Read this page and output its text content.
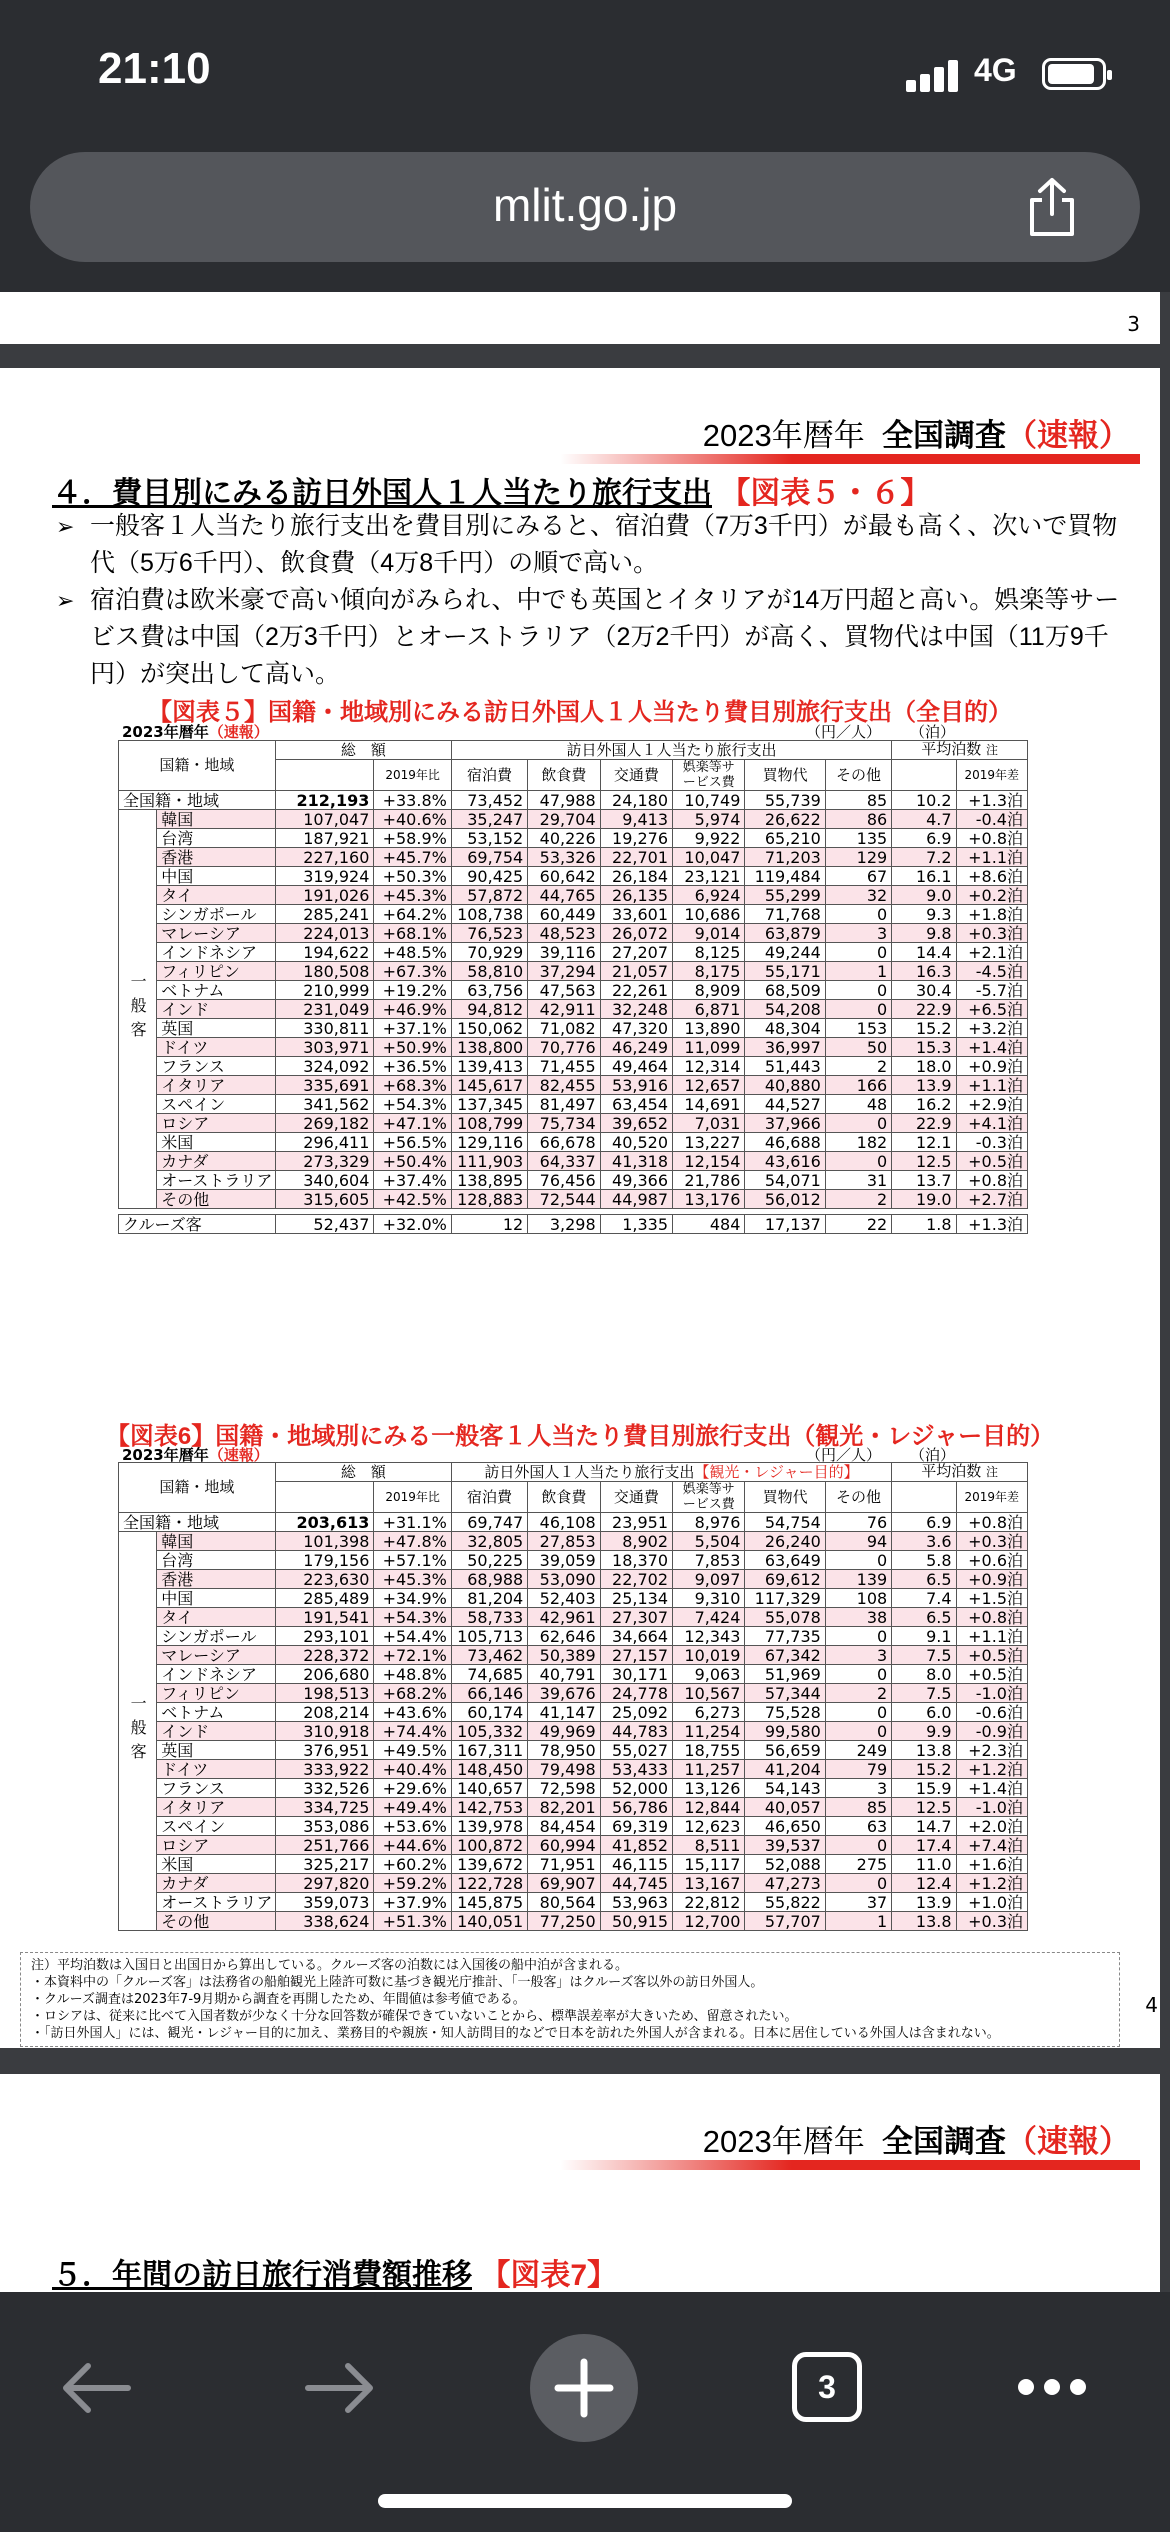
21:10	4G
mlit.go.jp
3
2023年暦年 全国調査（速報）
４．費目別にみる訪日外国人１人当たり旅行支出 【図表５・６】
➢ 一般客１人当たり旅行支出を費目別にみると、宿泊費（7万3千円）が最も高く、次いで買物代（5万6千円）、飲食費（4万8千円）の順で高い。
➢ 宿泊費は欧米豪で高い傾向がみられ、中でも英国とイタリアが14万円超と高い。娯楽等サービス費は中国（2万3千円）とオーストラリア（2万2千円）が高く、買物代は中国（11万9千円）が突出して高い。
【図表５】国籍・地域別にみる訪日外国人１人当たり費目別旅行支出（全目的）
2023年暦年（速報）	（円／人） （泊）
国籍・地域		総　額		訪日外国人１人当たり旅行支出						平均泊数 注	
				宿泊費	飲食費	交通費	娯楽等サービス費	買物代	その他		
			2019年比								2019年差
全国籍・地域		212,193	+33.8%	73,452	47,988	24,180	10,749	55,739	85	10.2	+1.3泊
一般客	韓国	107,047	+40.6%	35,247	29,704	9,413	5,974	26,622	86	4.7	-0.4泊
	台湾	187,921	+58.9%	53,152	40,226	19,276	9,922	65,210	135	6.9	+0.8泊
	香港	227,160	+45.7%	69,754	53,326	22,701	10,047	71,203	129	7.2	+1.1泊
	中国	319,924	+50.3%	90,425	60,642	26,184	23,121	119,484	67	16.1	+8.6泊
	タイ	191,026	+45.3%	57,872	44,765	26,135	6,924	55,299	32	9.0	+0.2泊
	シンガポール	285,241	+64.2%	108,738	60,449	33,601	10,686	71,768	0	9.3	+1.8泊
	マレーシア	224,013	+68.1%	76,523	48,523	26,072	9,014	63,879	3	9.8	+0.3泊
	インドネシア	194,622	+48.5%	70,929	39,116	27,207	8,125	49,244	0	14.4	+2.1泊
	フィリピン	180,508	+67.3%	58,810	37,294	21,057	8,175	55,171	1	16.3	-4.5泊
	ベトナム	210,999	+19.2%	63,756	47,563	22,261	8,909	68,509	0	30.4	-5.7泊
	インド	231,049	+46.9%	94,812	42,911	32,248	6,871	54,208	0	22.9	+6.5泊
	英国	330,811	+37.1%	150,062	71,082	47,320	13,890	48,304	153	15.2	+3.2泊
	ドイツ	303,971	+50.9%	138,800	70,776	46,249	11,099	36,997	50	15.3	+1.4泊
	フランス	324,092	+36.5%	139,413	71,455	49,464	12,314	51,443	2	18.0	+0.9泊
	イタリア	335,691	+68.3%	145,617	82,455	53,916	12,657	40,880	166	13.9	+1.1泊
	スペイン	341,562	+54.3%	137,345	81,497	63,454	14,691	44,527	48	16.2	+2.9泊
	ロシア	269,182	+47.1%	108,799	75,734	39,652	7,031	37,966	0	22.9	+4.1泊
	米国	296,411	+56.5%	129,116	66,678	40,520	13,227	46,688	182	12.1	-0.3泊
	カナダ	273,329	+50.4%	111,903	64,337	41,318	12,154	43,616	0	12.5	+0.5泊
	オーストラリア	340,604	+37.4%	138,895	76,456	49,366	21,786	54,071	31	13.7	+0.8泊
	その他	315,605	+42.5%	128,883	72,544	44,987	13,176	56,012	2	19.0	+2.7泊

クルーズ客		52,437	+32.0%	12	3,298	1,335	484	17,137	22	1.8	+1.3泊
【図表6】国籍・地域別にみる一般客１人当たり費目別旅行支出（観光・レジャー目的）
2023年暦年（速報）	（円／人） （泊）
国籍・地域		総　額		訪日外国人１人当たり旅行支出【観光・レジャー目的】						平均泊数 注	
				宿泊費	飲食費	交通費	娯楽等サービス費	買物代	その他		
			2019年比								2019年差
全国籍・地域		203,613	+31.1%	69,747	46,108	23,951	8,976	54,754	76	6.9	+0.8泊
一般客	韓国	101,398	+47.8%	32,805	27,853	8,902	5,504	26,240	94	3.6	+0.3泊
	台湾	179,156	+57.1%	50,225	39,059	18,370	7,853	63,649	0	5.8	+0.6泊
	香港	223,630	+45.3%	68,988	53,090	22,702	9,097	69,612	139	6.5	+0.9泊
	中国	285,489	+34.9%	81,204	52,403	25,134	9,310	117,329	108	7.4	+1.5泊
	タイ	191,541	+54.3%	58,733	42,961	27,307	7,424	55,078	38	6.5	+0.8泊
	シンガポール	293,101	+54.4%	105,713	62,646	34,664	12,343	77,735	0	9.1	+1.1泊
	マレーシア	228,372	+72.1%	73,462	50,389	27,157	10,019	67,342	3	7.5	+0.5泊
	インドネシア	206,680	+48.8%	74,685	40,791	30,171	9,063	51,969	0	8.0	+0.5泊
	フィリピン	198,513	+68.2%	66,146	39,676	24,778	10,567	57,344	2	7.5	-1.0泊
	ベトナム	208,214	+43.6%	60,174	41,147	25,092	6,273	75,528	0	6.0	-0.6泊
	インド	310,918	+74.4%	105,332	49,969	44,783	11,254	99,580	0	9.9	-0.9泊
	英国	376,951	+49.5%	167,311	78,950	55,027	18,755	56,659	249	13.8	+2.3泊
	ドイツ	333,922	+40.4%	148,450	79,498	53,433	11,257	41,204	79	15.2	+1.2泊
	フランス	332,526	+29.6%	140,657	72,598	52,000	13,126	54,143	3	15.9	+1.4泊
	イタリア	334,725	+49.4%	142,753	82,201	56,786	12,844	40,057	85	12.5	-1.0泊
	スペイン	353,086	+53.6%	139,978	84,454	69,319	12,623	46,650	63	14.7	+2.0泊
	ロシア	251,766	+44.6%	100,872	60,994	41,852	8,511	39,537	0	17.4	+7.4泊
	米国	325,217	+60.2%	139,672	71,951	46,115	15,117	52,088	275	11.0	+1.6泊
	カナダ	297,820	+59.2%	122,728	69,907	44,745	13,167	47,273	0	12.4	+1.2泊
	オーストラリア	359,073	+37.9%	145,875	80,564	53,963	22,812	55,822	37	13.9	+1.0泊
	その他	338,624	+51.3%	140,051	77,250	50,915	12,700	57,707	1	13.8	+0.3泊
注）平均泊数は入国日と出国日から算出している。クルーズ客の泊数には入国後の船中泊が含まれる。
・本資料中の「クルーズ客」は法務省の船舶観光上陸許可数に基づき観光庁推計、「一般客」はクルーズ客以外の訪日外国人。
・クルーズ調査は2023年7-9月期から調査を再開したため、年間値は参考値である。
・ロシアは、従来に比べて入国者数が少なく十分な回答数が確保できていないことから、標準誤差率が大きいため、留意されたい。
・「訪日外国人」には、観光・レジャー目的に加え、業務目的や親族・知人訪問目的などで日本を訪れた外国人が含まれる。日本に居住している外国人は含まれない。
4
2023年暦年 全国調査（速報）
５．年間の訪日旅行消費額推移 【図表7】
3
